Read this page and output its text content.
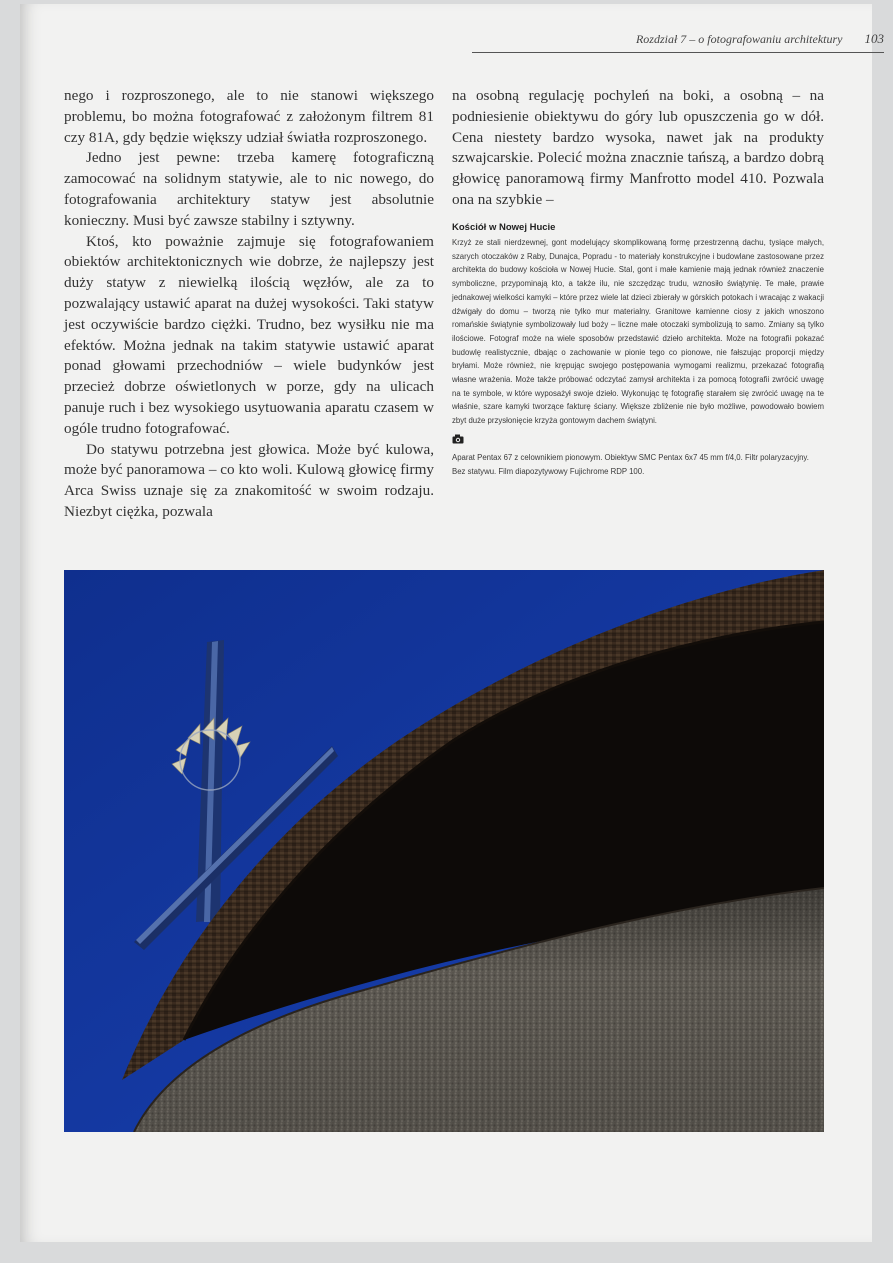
Rozdział 7 – o fotografowaniu architektury 103

nego i rozproszonego, ale to nie stanowi większego problemu, bo można fotografować z założonym filtrem 81 czy 81A, gdy będzie większy udział światła rozproszonego.

Jedno jest pewne: trzeba kamerę fotograficzną zamocować na solidnym statywie, ale to nic nowego, do fotografowania architektury statyw jest absolutnie konieczny. Musi być zawsze stabilny i sztywny.

Ktoś, kto poważnie zajmuje się fotografowaniem obiektów architektonicznych wie dobrze, że najlepszy jest duży statyw z niewielką ilością węzłów, ale za to pozwalający ustawić aparat na dużej wysokości. Taki statyw jest oczywiście bardzo ciężki. Trudno, bez wysiłku nie ma efektów. Można jednak na takim statywie ustawić aparat ponad głowami przechodniów – wiele budynków jest przecież dobrze oświetlonych w porze, gdy na ulicach panuje ruch i bez wysokiego usytuowania aparatu czasem w ogóle trudno fotografować.

Do statywu potrzebna jest głowica. Może być kulowa, może być panoramowa – co kto woli. Kulową głowicę firmy Arca Swiss uznaje się za znakomitość w swoim rodzaju. Niezbyt ciężka, pozwala

na osobną regulację pochyleń na boki, a osobną – na podniesienie obiektywu do góry lub opuszczenia go w dół. Cena niestety bardzo wysoka, nawet jak na produkty szwajcarskie. Polecić można znacznie tańszą, a bardzo dobrą głowicę panoramową firmy Manfrotto model 410. Pozwala ona na szybkie –

Kościół w Nowej Hucie
Krzyż ze stali nierdzewnej, gont modelujący skomplikowaną formę przestrzenną dachu, tysiące małych, szarych otoczaków z Raby, Dunajca, Popradu - to materiały konstrukcyjne i budowlane zastosowane przez architekta do budowy kościoła w Nowej Hucie. Stal, gont i małe kamienie mają jednak również znaczenie symboliczne, przypominają kto, a także ilu, nie szczędząc trudu, wznosiło świątynię. Te małe, prawie jednakowej wielkości kamyki – które przez wiele lat dzieci zbierały w górskich potokach i wracając z wakacji dźwigały do domu – tworzą nie tylko mur materialny. Granitowe kamienne ciosy z jakich wnoszono romańskie świątynie symbolizowały lud boży – liczne małe otoczaki symbolizują to samo. Zmiany są tylko ilościowe. Fotograf może na wiele sposobów przedstawić dzieło architekta. Może na fotografii pokazać budowlę realistycznie, dbając o zachowanie w pionie tego co pionowe, nie fałszując proporcji między bryłami. Może również, nie krępując swojego postępowania wymogami realizmu, przekazać fotografią własne wrażenia. Może także próbować odczytać zamysł architekta i za pomocą fotografii zwrócić uwagę na te symbole, w które wyposażył swoje dzieło. Wykonując tę fotografię starałem się zwrócić uwagę na te właśnie, szare kamyki tworzące fakturę ściany. Większe zbliżenie nie było możliwe, powodowało bowiem zbyt duże przysłonięcie krzyża gontowym dachem świątyni.
Aparat Pentax 67 z celownikiem pionowym. Obiektyw SMC Pentax 6x7 45 mm f/4,0. Filtr polaryzacyjny. Bez statywu. Film diapozytywowy Fujichrome RDP 100.
